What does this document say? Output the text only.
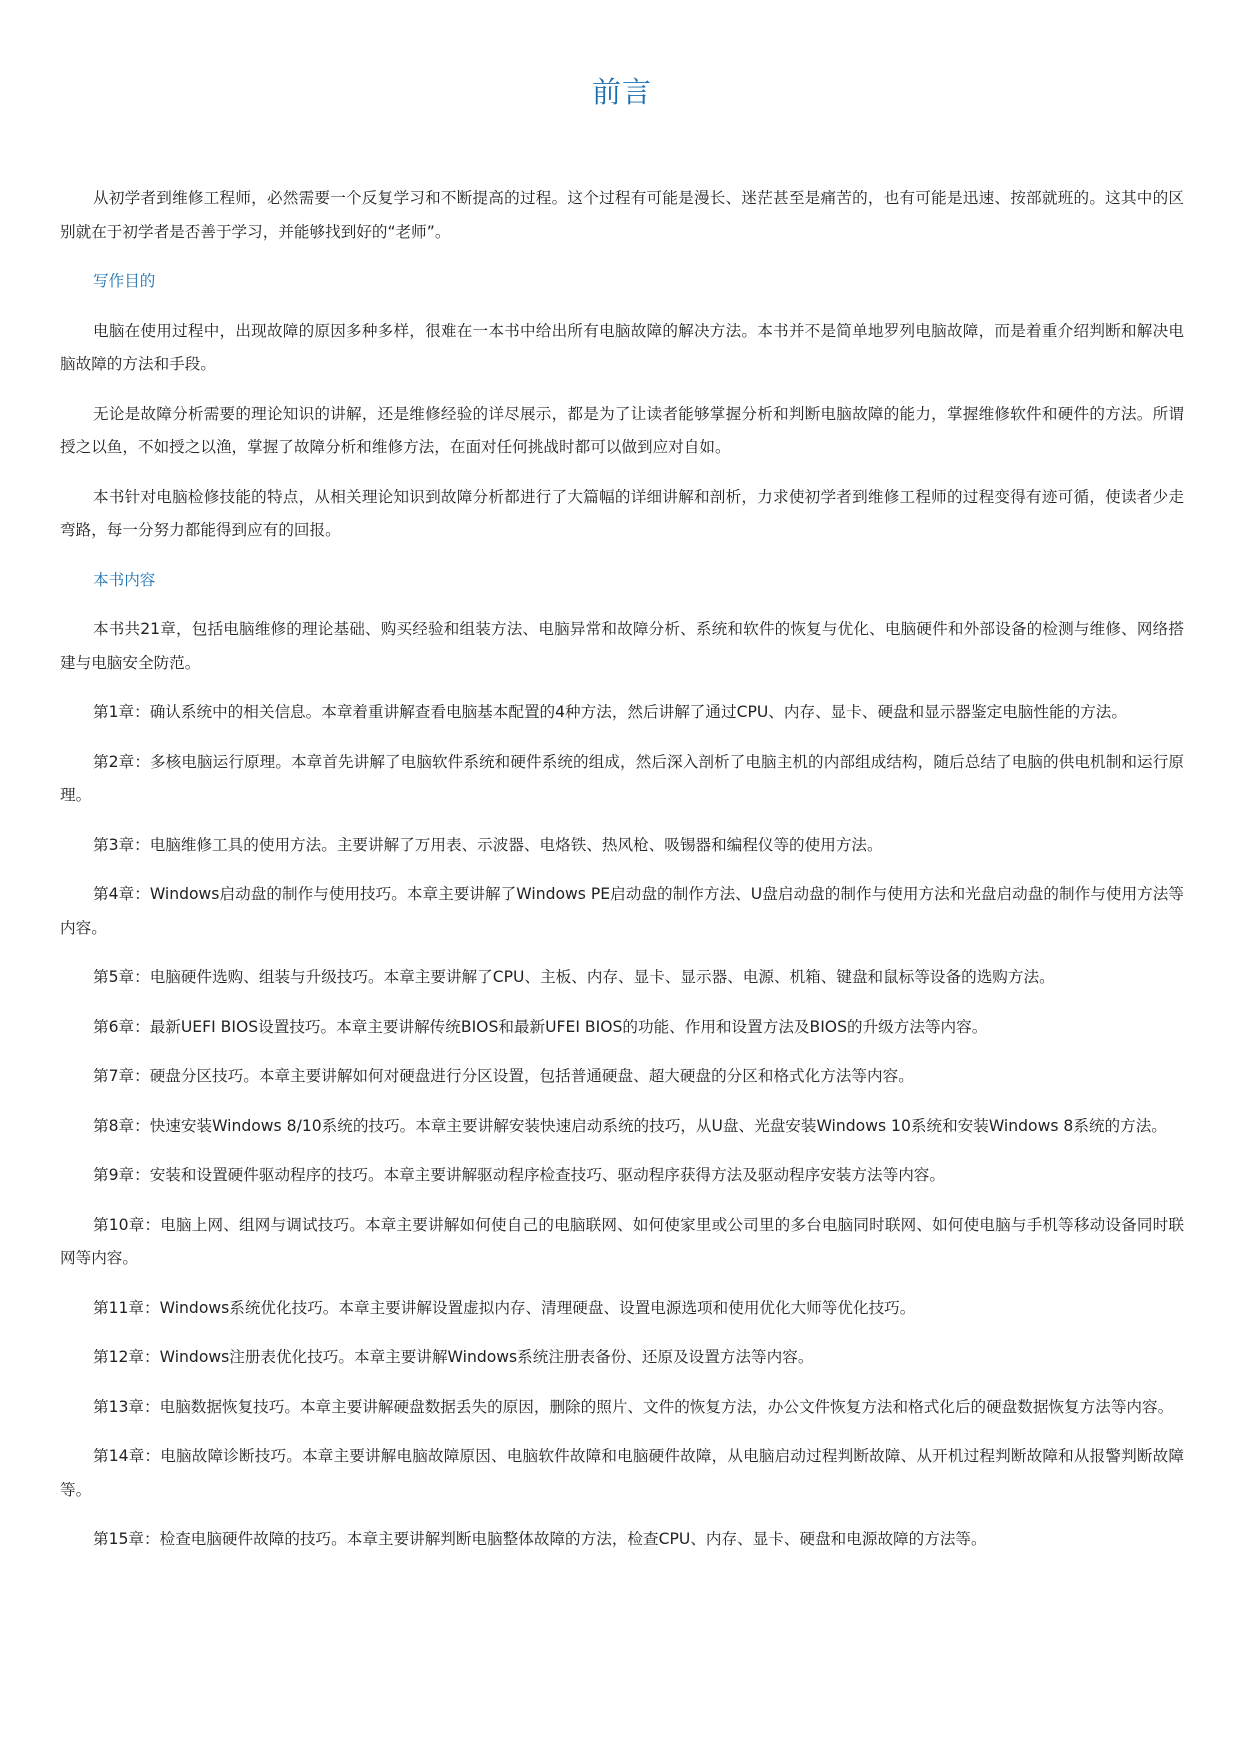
前言

从初学者到维修工程师，必然需要一个反复学习和不断提高的过程。这个过程有可能是漫长、迷茫甚至是痛苦的，也有可能是迅速、按部就班的。这其中的区别就在于初学者是否善于学习，并能够找到好的“老师”。

写作目的

电脑在使用过程中，出现故障的原因多种多样，很难在一本书中给出所有电脑故障的解决方法。本书并不是简单地罗列电脑故障，而是着重介绍判断和解决电脑故障的方法和手段。

无论是故障分析需要的理论知识的讲解，还是维修经验的详尽展示，都是为了让读者能够掌握分析和判断电脑故障的能力，掌握维修软件和硬件的方法。所谓授之以鱼，不如授之以渔，掌握了故障分析和维修方法，在面对任何挑战时都可以做到应对自如。

本书针对电脑检修技能的特点，从相关理论知识到故障分析都进行了大篇幅的详细讲解和剖析，力求使初学者到维修工程师的过程变得有迹可循，使读者少走弯路，每一分努力都能得到应有的回报。

本书内容

本书共21章，包括电脑维修的理论基础、购买经验和组装方法、电脑异常和故障分析、系统和软件的恢复与优化、电脑硬件和外部设备的检测与维修、网络搭建与电脑安全防范。

第1章：确认系统中的相关信息。本章着重讲解查看电脑基本配置的4种方法，然后讲解了通过CPU、内存、显卡、硬盘和显示器鉴定电脑性能的方法。

第2章：多核电脑运行原理。本章首先讲解了电脑软件系统和硬件系统的组成，然后深入剖析了电脑主机的内部组成结构，随后总结了电脑的供电机制和运行原理。

第3章：电脑维修工具的使用方法。主要讲解了万用表、示波器、电烙铁、热风枪、吸锡器和编程仪等的使用方法。

第4章：Windows启动盘的制作与使用技巧。本章主要讲解了Windows PE启动盘的制作方法、U盘启动盘的制作与使用方法和光盘启动盘的制作与使用方法等内容。

第5章：电脑硬件选购、组装与升级技巧。本章主要讲解了CPU、主板、内存、显卡、显示器、电源、机箱、键盘和鼠标等设备的选购方法。

第6章：最新UEFI BIOS设置技巧。本章主要讲解传统BIOS和最新UFEI BIOS的功能、作用和设置方法及BIOS的升级方法等内容。

第7章：硬盘分区技巧。本章主要讲解如何对硬盘进行分区设置，包括普通硬盘、超大硬盘的分区和格式化方法等内容。

第8章：快速安装Windows 8/10系统的技巧。本章主要讲解安装快速启动系统的技巧，从U盘、光盘安装Windows 10系统和安装Windows 8系统的方法。

第9章：安装和设置硬件驱动程序的技巧。本章主要讲解驱动程序检查技巧、驱动程序获得方法及驱动程序安装方法等内容。

第10章：电脑上网、组网与调试技巧。本章主要讲解如何使自己的电脑联网、如何使家里或公司里的多台电脑同时联网、如何使电脑与手机等移动设备同时联网等内容。

第11章：Windows系统优化技巧。本章主要讲解设置虚拟内存、清理硬盘、设置电源选项和使用优化大师等优化技巧。

第12章：Windows注册表优化技巧。本章主要讲解Windows系统注册表备份、还原及设置方法等内容。

第13章：电脑数据恢复技巧。本章主要讲解硬盘数据丢失的原因，删除的照片、文件的恢复方法，办公文件恢复方法和格式化后的硬盘数据恢复方法等内容。

第14章：电脑故障诊断技巧。本章主要讲解电脑故障原因、电脑软件故障和电脑硬件故障，从电脑启动过程判断故障、从开机过程判断故障和从报警判断故障等。

第15章：检查电脑硬件故障的技巧。本章主要讲解判断电脑整体故障的方法，检查CPU、内存、显卡、硬盘和电源故障的方法等。
